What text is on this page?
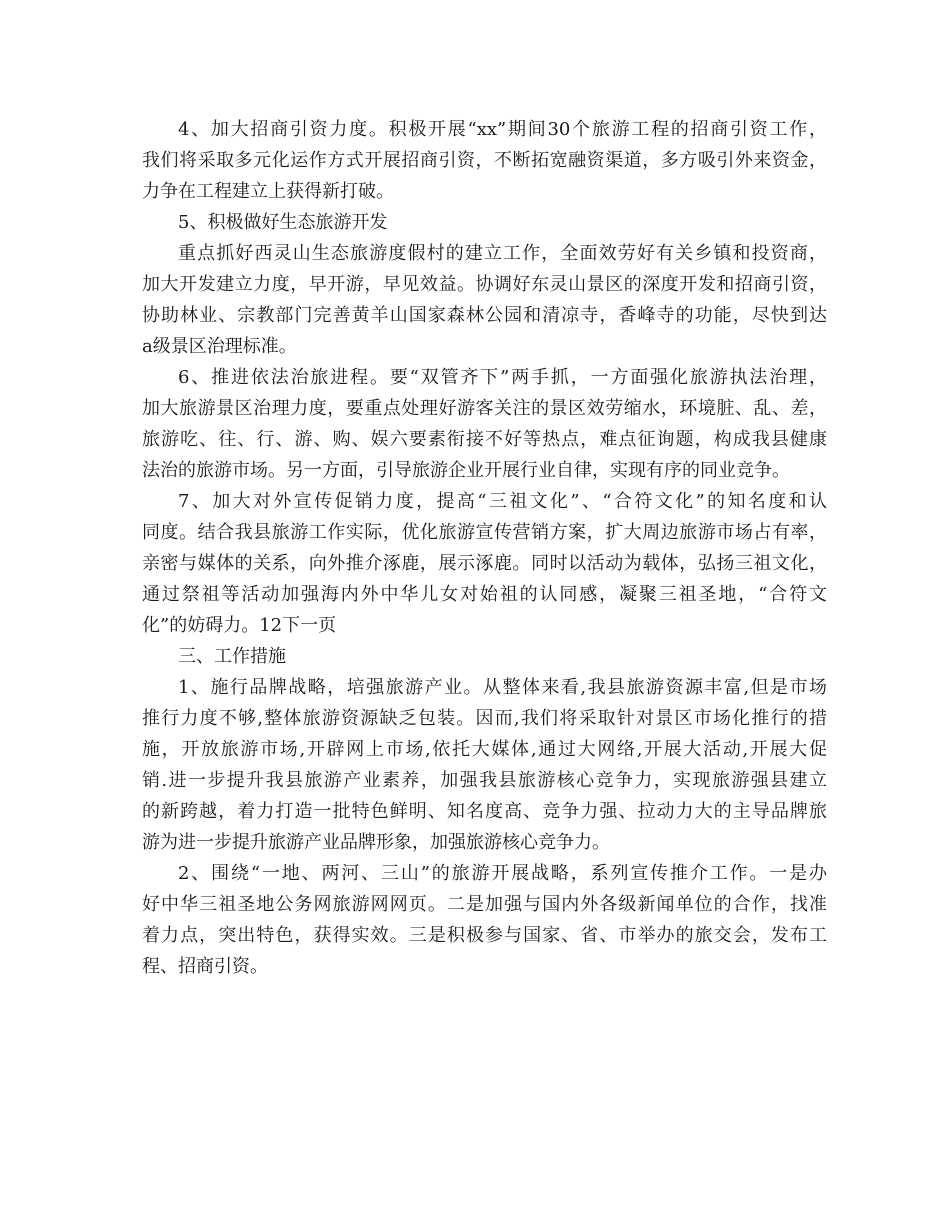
4、加大招商引资力度。积极开展“xx”期间30个旅游工程的招商引资工作，
我们将采取多元化运作方式开展招商引资，不断拓宽融资渠道，多方吸引外来资金，
力争在工程建立上获得新打破。
5、积极做好生态旅游开发
重点抓好西灵山生态旅游度假村的建立工作，全面效劳好有关乡镇和投资商，
加大开发建立力度，早开游，早见效益。协调好东灵山景区的深度开发和招商引资，
协助林业、宗教部门完善黄羊山国家森林公园和清凉寺，香峰寺的功能，尽快到达
a级景区治理标准。
6、推进依法治旅进程。要“双管齐下”两手抓，一方面强化旅游执法治理，
加大旅游景区治理力度，要重点处理好游客关注的景区效劳缩水，环境脏、乱、差，
旅游吃、往、行、游、购、娱六要素衔接不好等热点，难点征询题，构成我县健康
法治的旅游市场。另一方面，引导旅游企业开展行业自律，实现有序的同业竞争。
7、加大对外宣传促销力度，提高“三祖文化”、“合符文化”的知名度和认
同度。结合我县旅游工作实际，优化旅游宣传营销方案，扩大周边旅游市场占有率，
亲密与媒体的关系，向外推介涿鹿，展示涿鹿。同时以活动为载体，弘扬三祖文化，
通过祭祖等活动加强海内外中华儿女对始祖的认同感，凝聚三祖圣地，“合符文
化”的妨碍力。12下一页
三、工作措施
1、施行品牌战略，培强旅游产业。从整体来看,我县旅游资源丰富,但是市场
推行力度不够,整体旅游资源缺乏包装。因而,我们将采取针对景区市场化推行的措
施，开放旅游市场,开辟网上市场,依托大媒体,通过大网络,开展大活动,开展大促
销.进一步提升我县旅游产业素养，加强我县旅游核心竞争力，实现旅游强县建立
的新跨越，着力打造一批特色鲜明、知名度高、竞争力强、拉动力大的主导品牌旅
游为进一步提升旅游产业品牌形象，加强旅游核心竞争力。
2、围绕“一地、两河、三山”的旅游开展战略，系列宣传推介工作。一是办
好中华三祖圣地公务网旅游网网页。二是加强与国内外各级新闻单位的合作，找准
着力点，突出特色，获得实效。三是积极参与国家、省、市举办的旅交会，发布工
程、招商引资。
